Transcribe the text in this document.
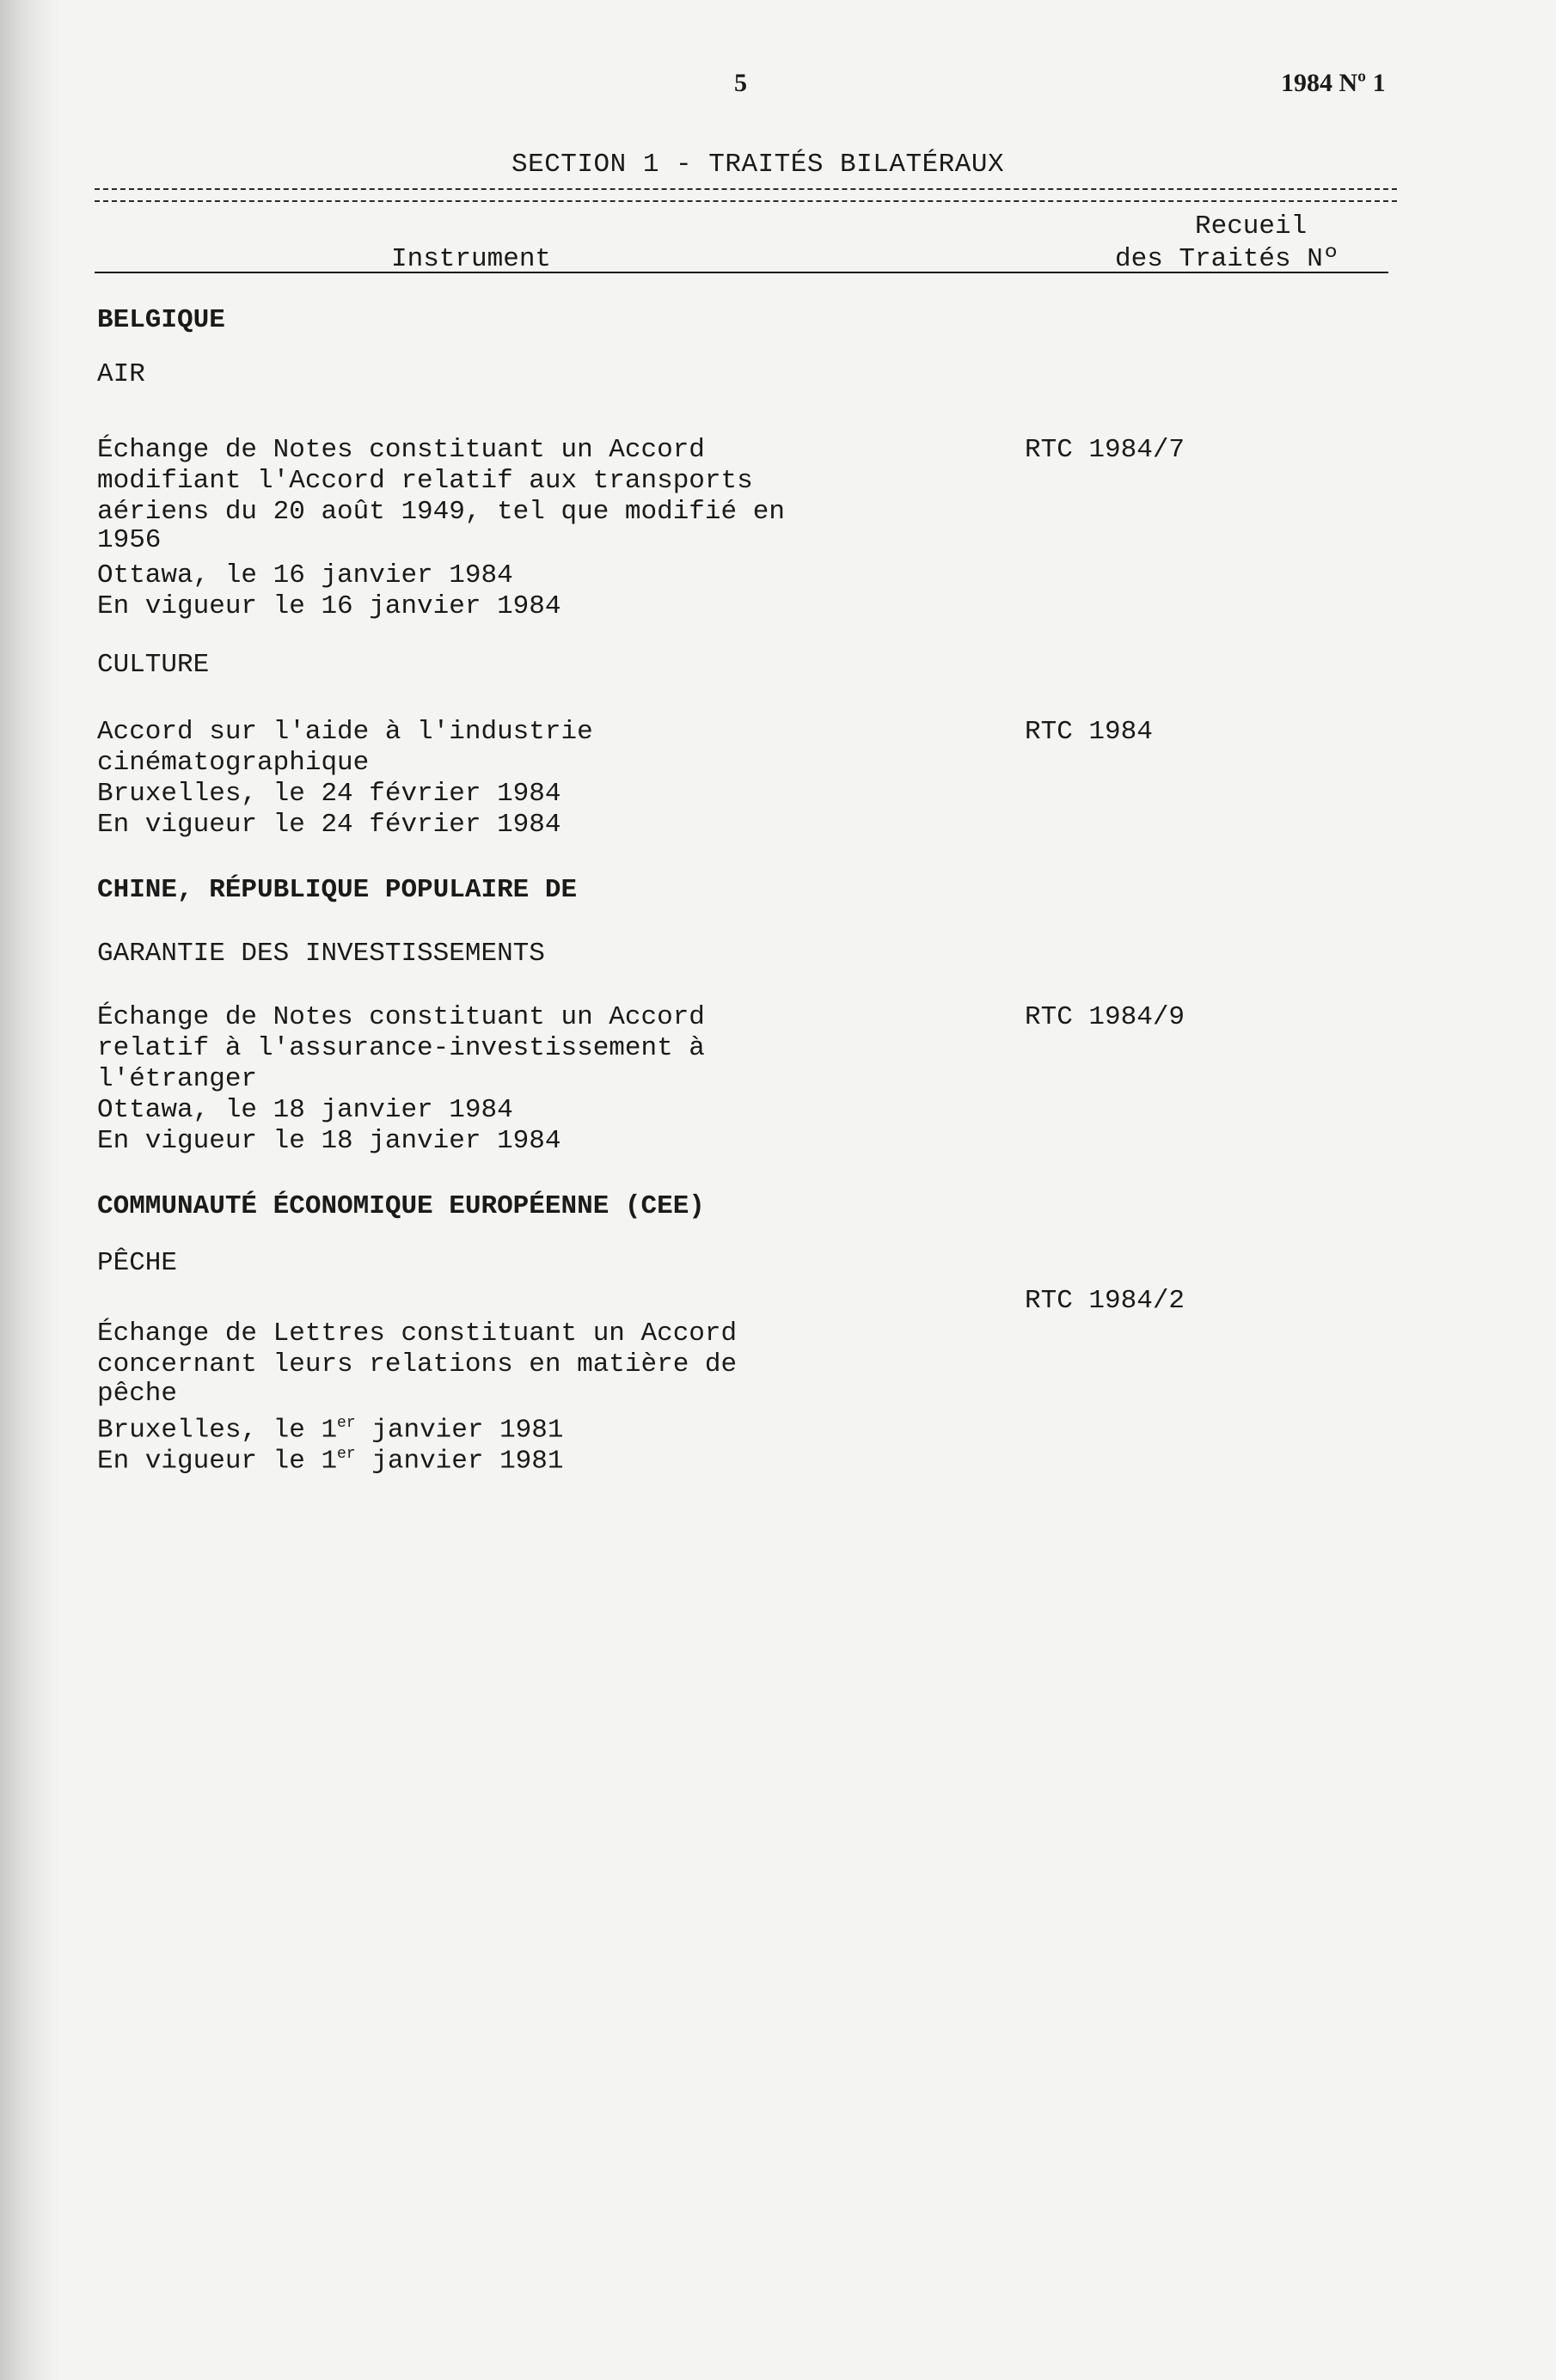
5	1984 Nº 1
SECTION 1 - TRAITÉS BILATÉRAUX
Recueil
Instrument	des Traités Nº
BELGIQUE
AIR
Échange de Notes constituant un Accord
modifiant l'Accord relatif aux transports
aériens du 20 août 1949, tel que modifié en
1956
Ottawa, le 16 janvier 1984
En vigueur le 16 janvier 1984
RTC 1984/7
CULTURE
Accord sur l'aide à l'industrie
cinématographique
Bruxelles, le 24 février 1984
En vigueur le 24 février 1984
RTC 1984
CHINE, RÉPUBLIQUE POPULAIRE DE
GARANTIE DES INVESTISSEMENTS
Échange de Notes constituant un Accord
relatif à l'assurance-investissement à
l'étranger
Ottawa, le 18 janvier 1984
En vigueur le 18 janvier 1984
RTC 1984/9
COMMUNAUTÉ ÉCONOMIQUE EUROPÉENNE (CEE)
PÊCHE
RTC 1984/2
Échange de Lettres constituant un Accord
concernant leurs relations en matière de
pêche
Bruxelles, le 1er janvier 1981
En vigueur le 1er janvier 1981
